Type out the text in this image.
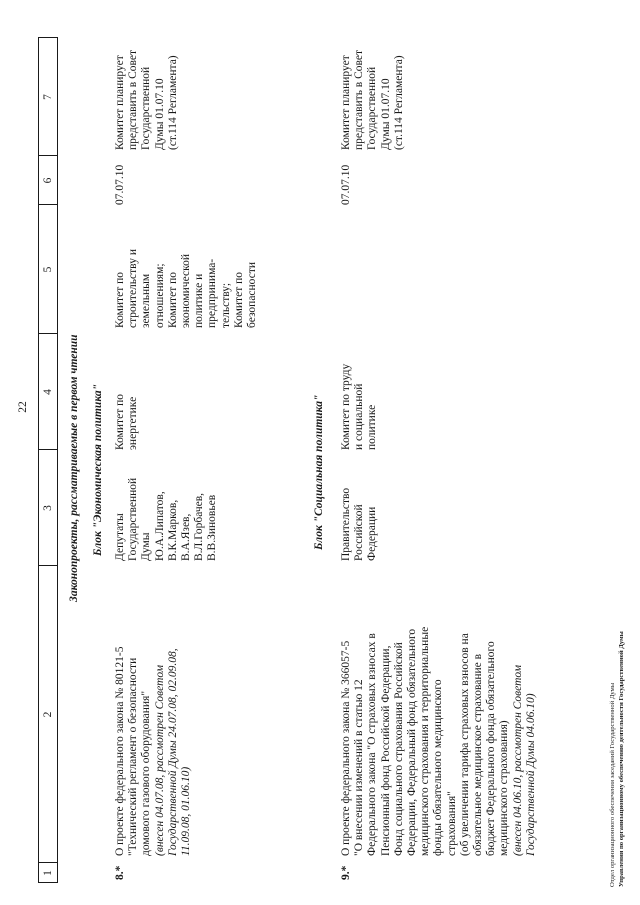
22
1
2
3
4
5
6
7
Законопроекты, рассматриваемые в первом чтении Блок "Экономическая политика"
8.*
О проекте федерального закона № 80121-5 "Технический регламент о безопасности домового газового оборудования" (внесен 04.07.08, рассмотрен Советом Государственной Думы 24.07.08, 02.09.08, 11.09.08, 01.06.10)
Депутаты Государственной Думы Ю.А.Липатов, В.К.Марков, В.А.Язев, В.Л.Горбачев, В.В.Зиновьев
Комитет по энергетике
Комитет по строительству и земельным отношениям; Комитет по экономической политике и предпринима- тельству; Комитет по безопасности
07.07.10
Комитет планирует представить в Совет Государственной Думы 01.07.10 (ст.114 Регламента)
Блок "Социальная политика"
9.*
О проекте федерального закона № 366057-5 "О внесении изменений в статью 12 Федерального закона "О страховых взносах в Пенсионный фонд Российской Федерации, Фонд социального страхования Российской Федерации, Федеральный фонд обязательного медицинского страхования и территориальные фонды обязательного медицинского страхования" (об увеличении тарифа страховых взносов на обязательное медицинское страхование в бюджет Федерального фонда обязательного медицинского страхования) (внесен 04.06.10, рассмотрен Советом Государственной Думы 04.06.10)
Правительство Российской Федерации
Комитет по труду и социальной политике
07.07.10
Комитет планирует представить в Совет Государственной Думы 01.07.10 (ст.114 Регламента)
Отдел организационного обеспечения заседаний Государственной Думы Управления по организационному обеспечению деятельности Государственной Думы
